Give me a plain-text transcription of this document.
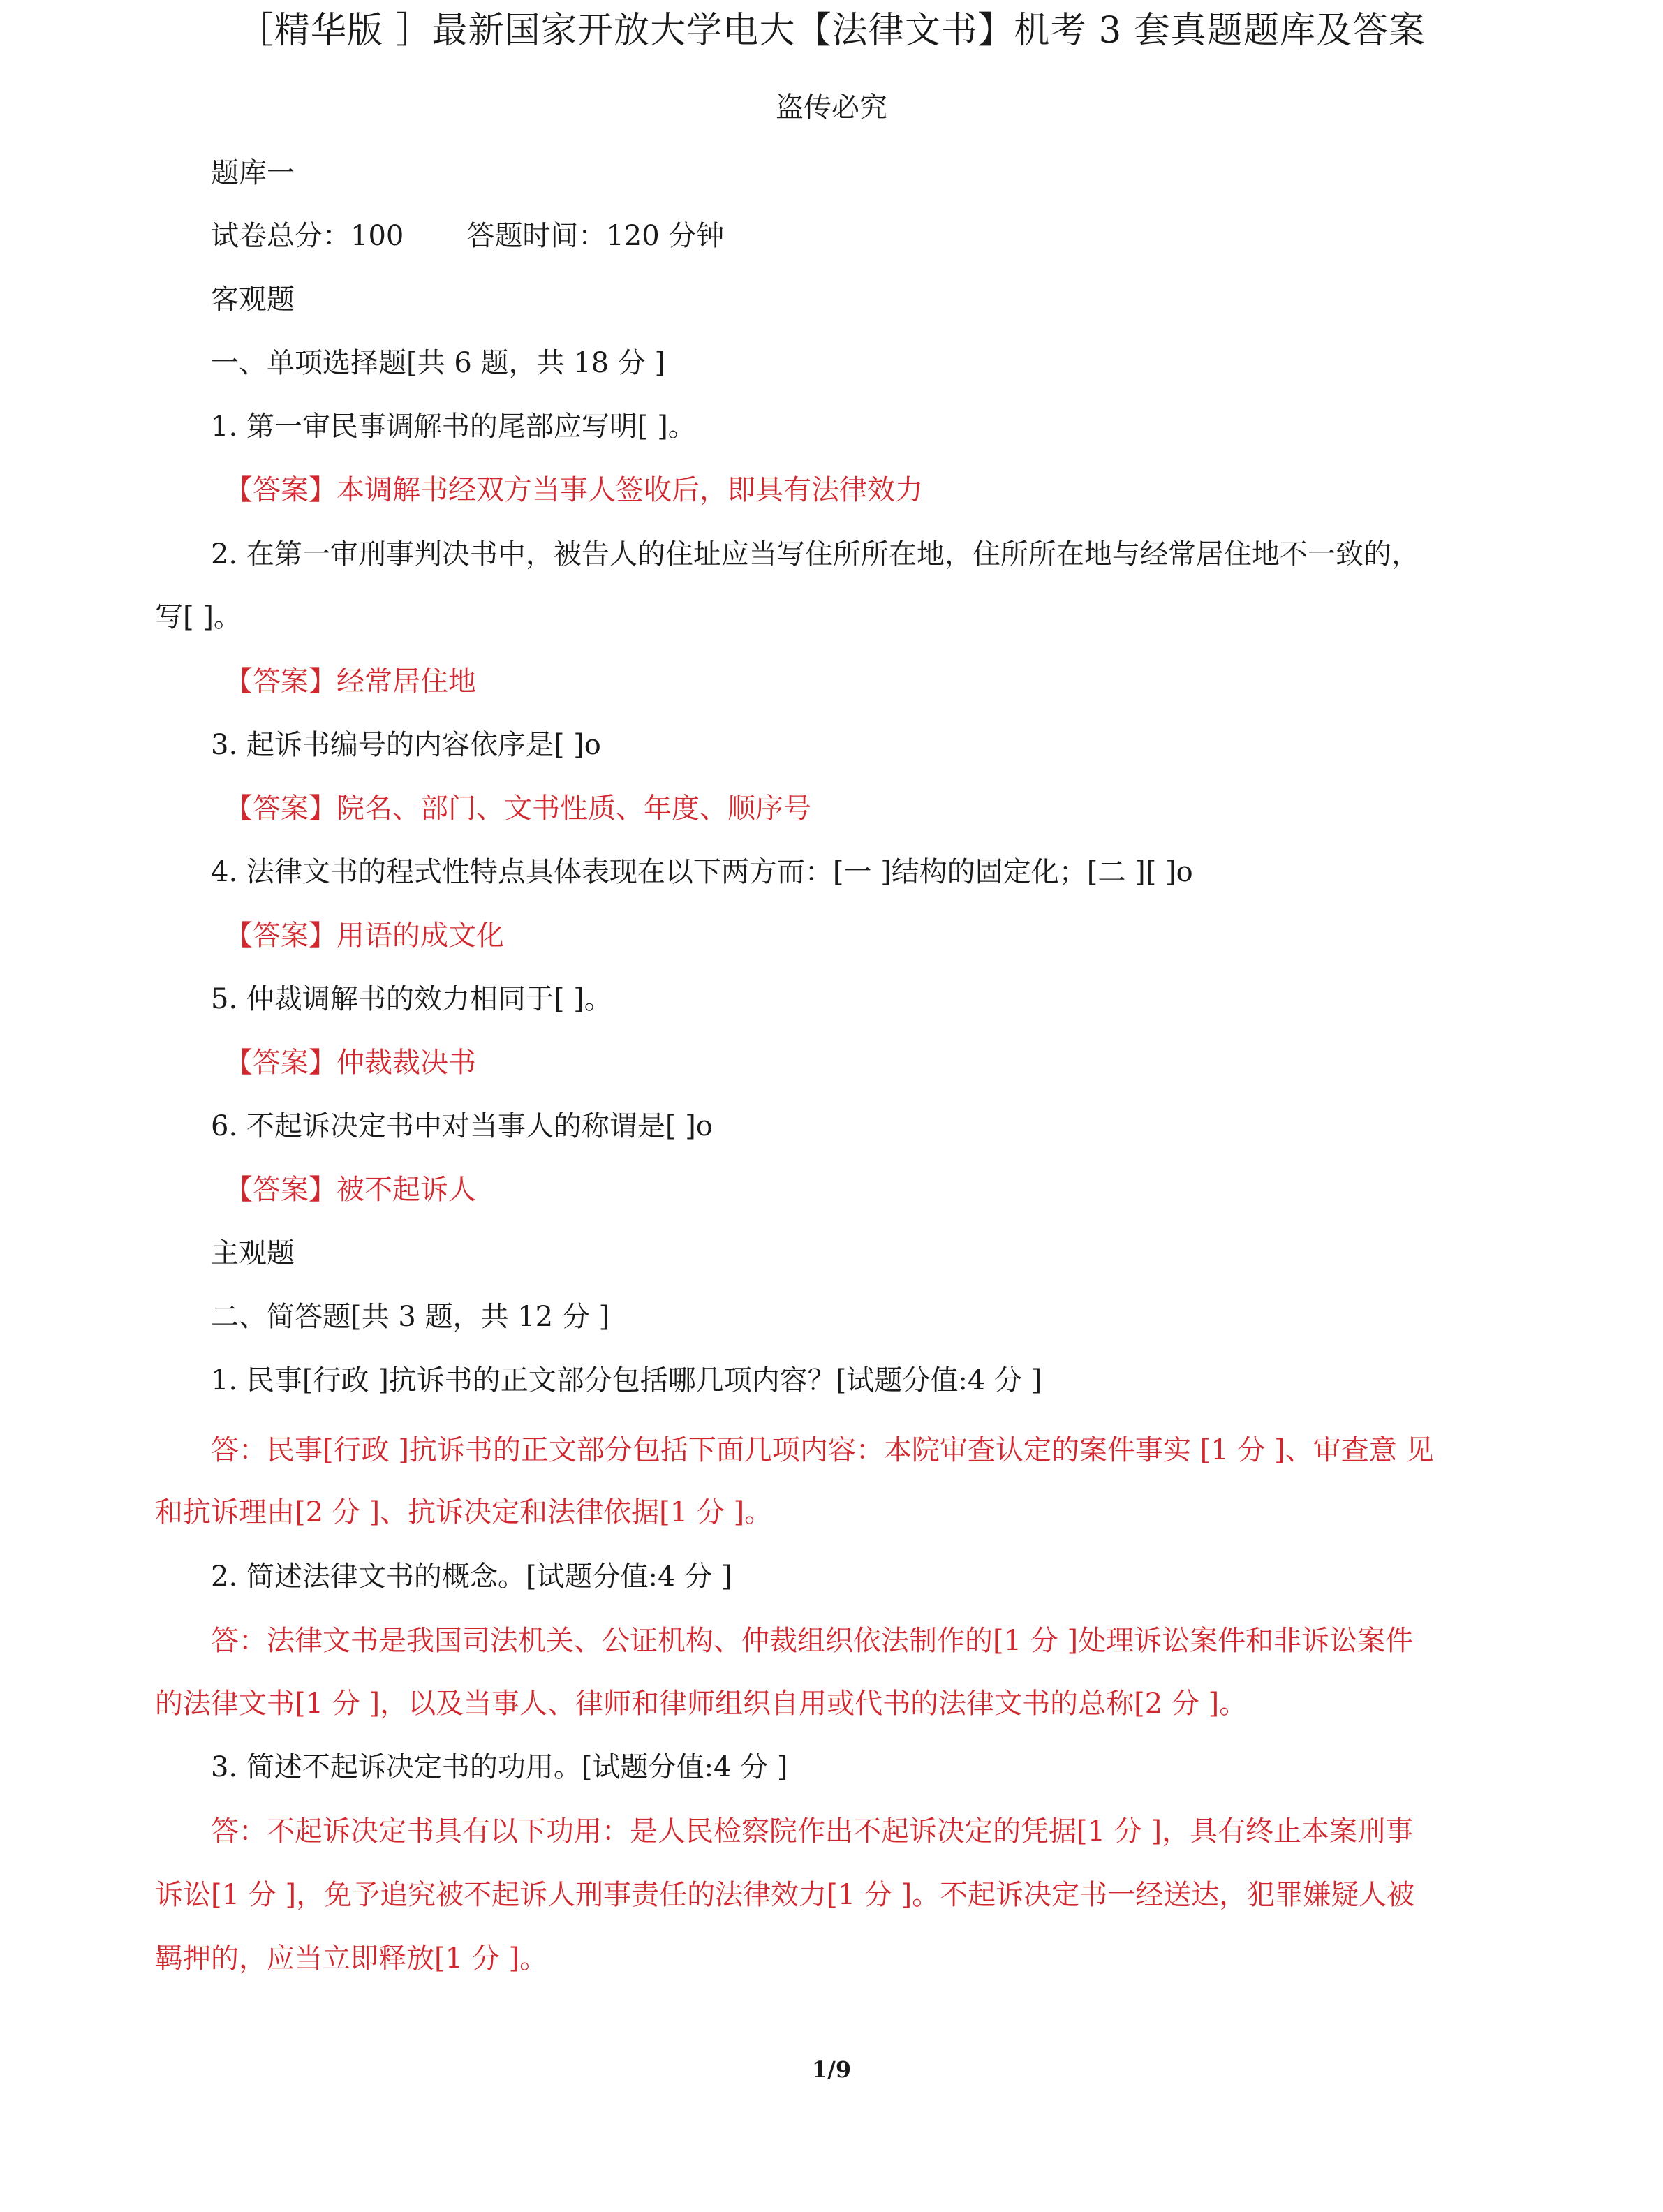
［精华版 ］最新国家开放大学电大【法律文书】机考 3 套真题题库及答案
盗传必究
题库一
试卷总分：100 答题时间：120 分钟
客观题
一、单项选择题[共 6 题，共 18 分 ]
1. 第一审民事调解书的尾部应写明[ ]。
【答案】本调解书经双方当事人签收后，即具有法律效力
2. 在第一审刑事判决书中，被告人的住址应当写住所所在地，住所所在地与经常居住地不一致的，
写[ ]。
【答案】经常居住地
3. 起诉书编号的内容依序是[ ]o
【答案】院名、部门、文书性质、年度、顺序号
4. 法律文书的程式性特点具体表现在以下两方而：[一 ]结构的固定化；[二 ][ ]o
【答案】用语的成文化
5. 仲裁调解书的效力相同于[ ]。
【答案】仲裁裁决书
6. 不起诉决定书中对当事人的称谓是[ ]o
【答案】被不起诉人
主观题
二、简答题[共 3 题，共 12 分 ]
1. 民事[行政 ]抗诉书的正文部分包括哪几项内容？[试题分值:4 分 ]
答：民事[行政 ]抗诉书的正文部分包括下面几项内容：本院审查认定的案件事实 [1 分 ]、审查意 见
和抗诉理由[2 分 ]、抗诉决定和法律依据[1 分 ]。
2. 简述法律文书的概念。[试题分值:4 分 ]
答：法律文书是我国司法机关、公证机构、仲裁组织依法制作的[1 分 ]处理诉讼案件和非诉讼案件
的法律文书[1 分 ]，以及当事人、律师和律师组织自用或代书的法律文书的总称[2 分 ]。
3. 简述不起诉决定书的功用。[试题分值:4 分 ]
答：不起诉决定书具有以下功用：是人民检察院作出不起诉决定的凭据[1 分 ]，具有终止本案刑事
诉讼[1 分 ]，免予追究被不起诉人刑事责任的法律效力[1 分 ]。不起诉决定书一经送达，犯罪嫌疑人被
羁押的，应当立即释放[1 分 ]。
1/9
